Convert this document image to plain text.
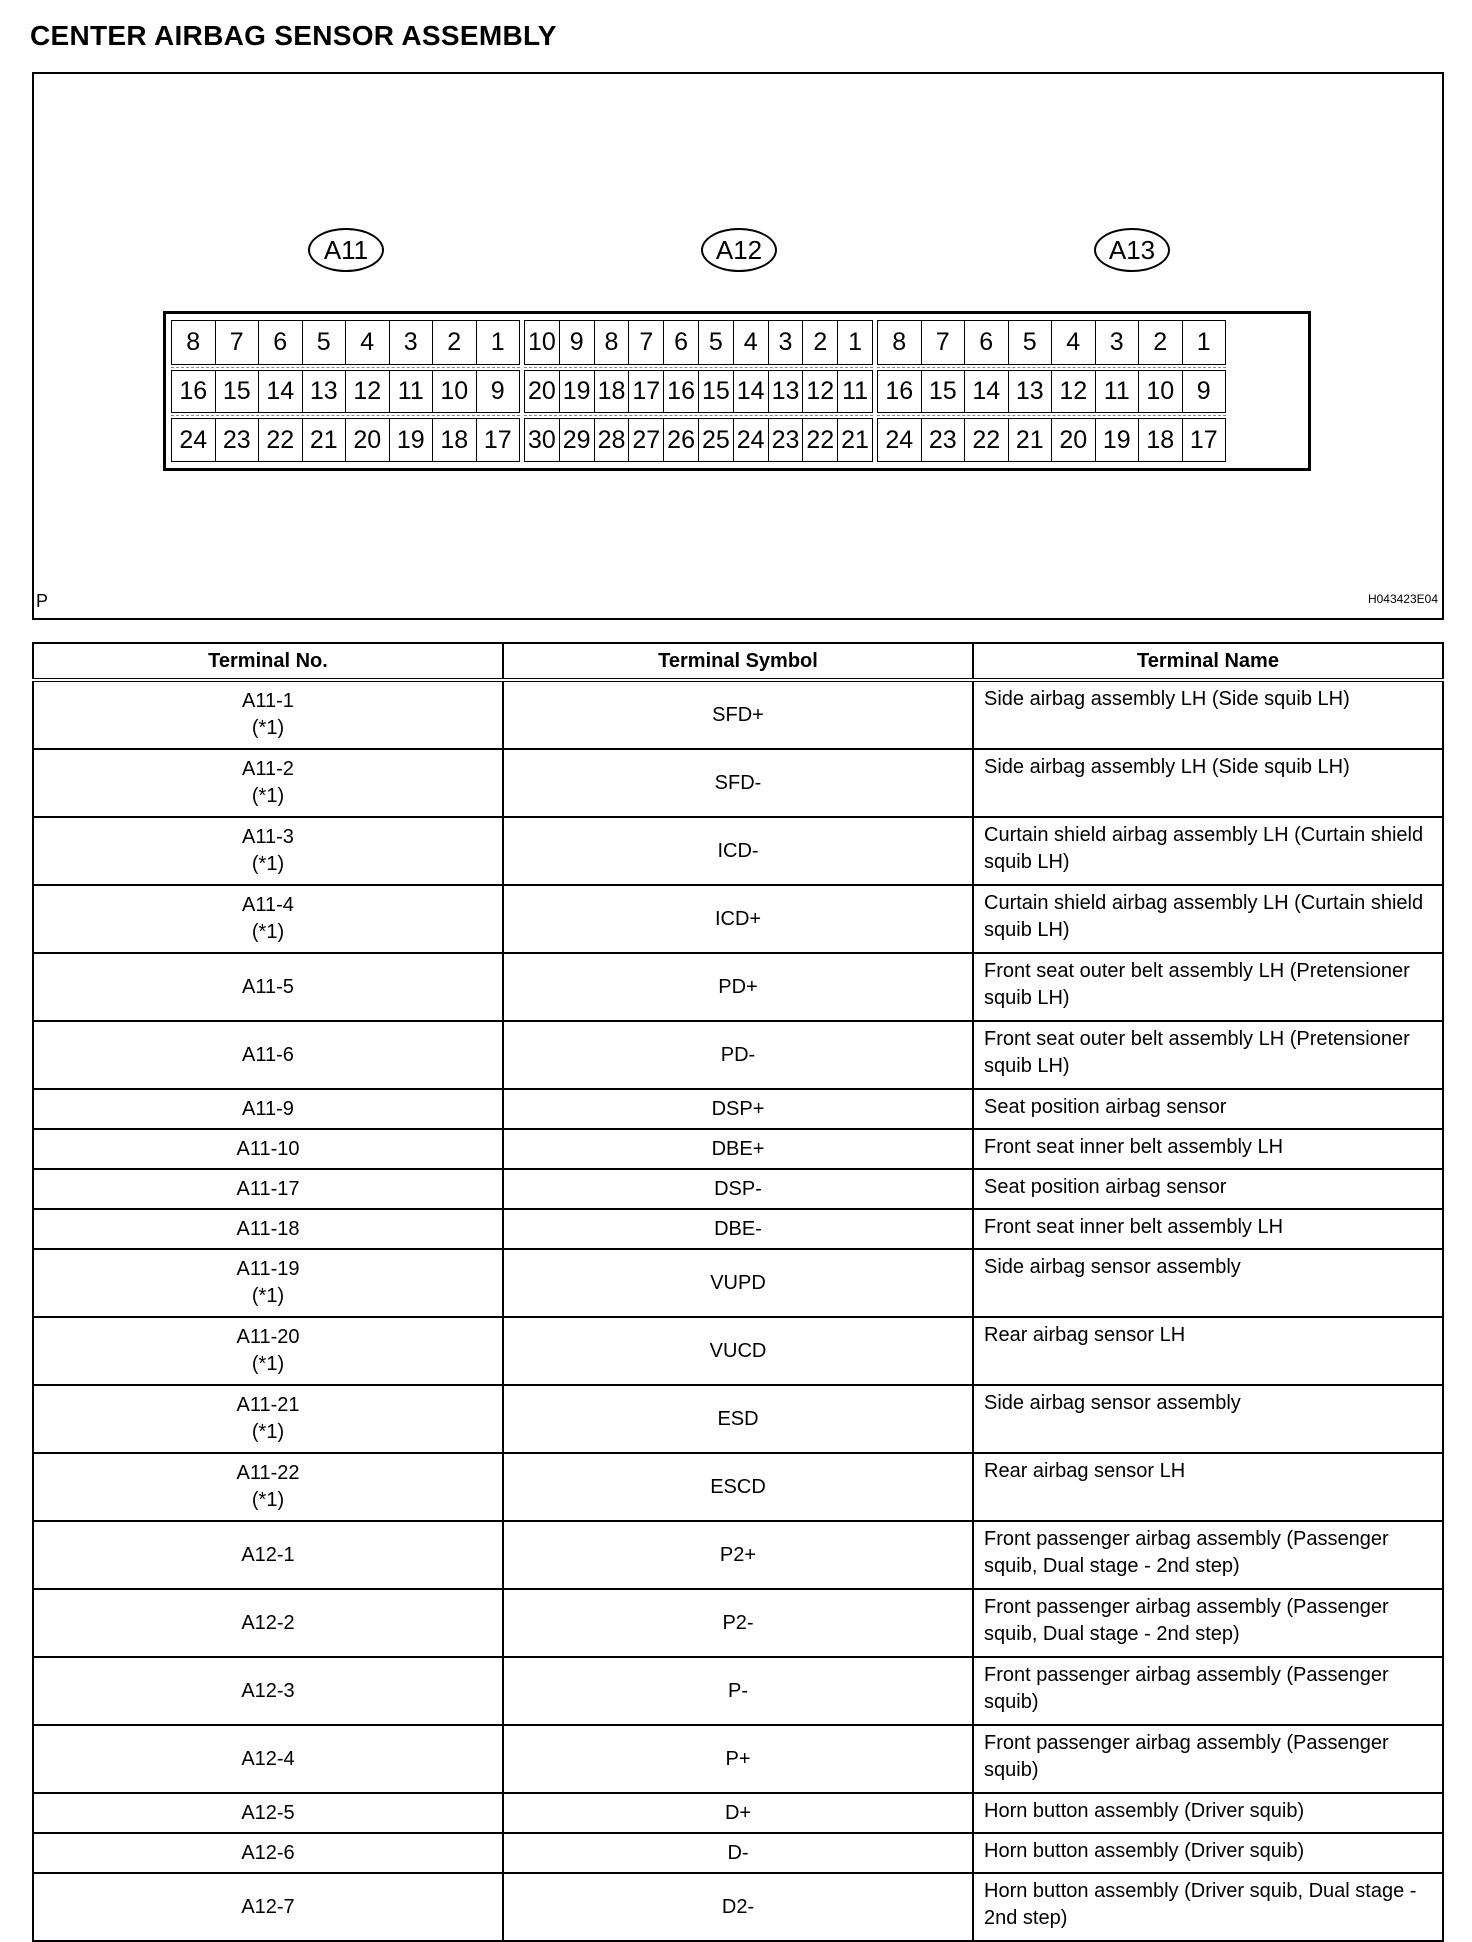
CENTER AIRBAG SENSOR ASSEMBLY
A11	A12	A13
8	7	6	5	4	3	2	1
16 15 14 13 12 11 10 9
24 23 22 21 20 19 18 17
10 9 8 7 6 5 4 3 2 1
20 19 18 17 16 15 14 13 12 11
30 29 28 27 26 25 24 23 22 21
8	7	6	5	4	3	2	1
16 15 14 13 12 11 10 9
24 23 22 21 20 19 18 17
P	H043423E04
Terminal No.	Terminal Symbol	Terminal Name

A11-1
(*1)	SFD+	Side airbag assembly LH (Side squib LH)

A11-2
(*1)	SFD-	Side airbag assembly LH (Side squib LH)

A11-3
(*1)	ICD-	Curtain shield airbag assembly LH (Curtain shield squib LH)

A11-4
(*1)	ICD+	Curtain shield airbag assembly LH (Curtain shield squib LH)

A11-5	PD+	Front seat outer belt assembly LH (Pretensioner squib LH)

A11-6	PD-	Front seat outer belt assembly LH (Pretensioner squib LH)

A11-9	DSP+	Seat position airbag sensor

A11-10	DBE+	Front seat inner belt assembly LH

A11-17	DSP-	Seat position airbag sensor

A11-18	DBE-	Front seat inner belt assembly LH

A11-19
(*1)	VUPD	Side airbag sensor assembly

A11-20
(*1)	VUCD	Rear airbag sensor LH

A11-21
(*1)	ESD	Side airbag sensor assembly

A11-22
(*1)	ESCD	Rear airbag sensor LH

A12-1	P2+	Front passenger airbag assembly (Passenger squib, Dual stage - 2nd step)

A12-2	P2-	Front passenger airbag assembly (Passenger squib, Dual stage - 2nd step)

A12-3	P-	Front passenger airbag assembly (Passenger squib)

A12-4	P+	Front passenger airbag assembly (Passenger squib)

A12-5	D+	Horn button assembly (Driver squib)

A12-6	D-	Horn button assembly (Driver squib)

A12-7	D2-	Horn button assembly (Driver squib, Dual stage - 2nd step)
